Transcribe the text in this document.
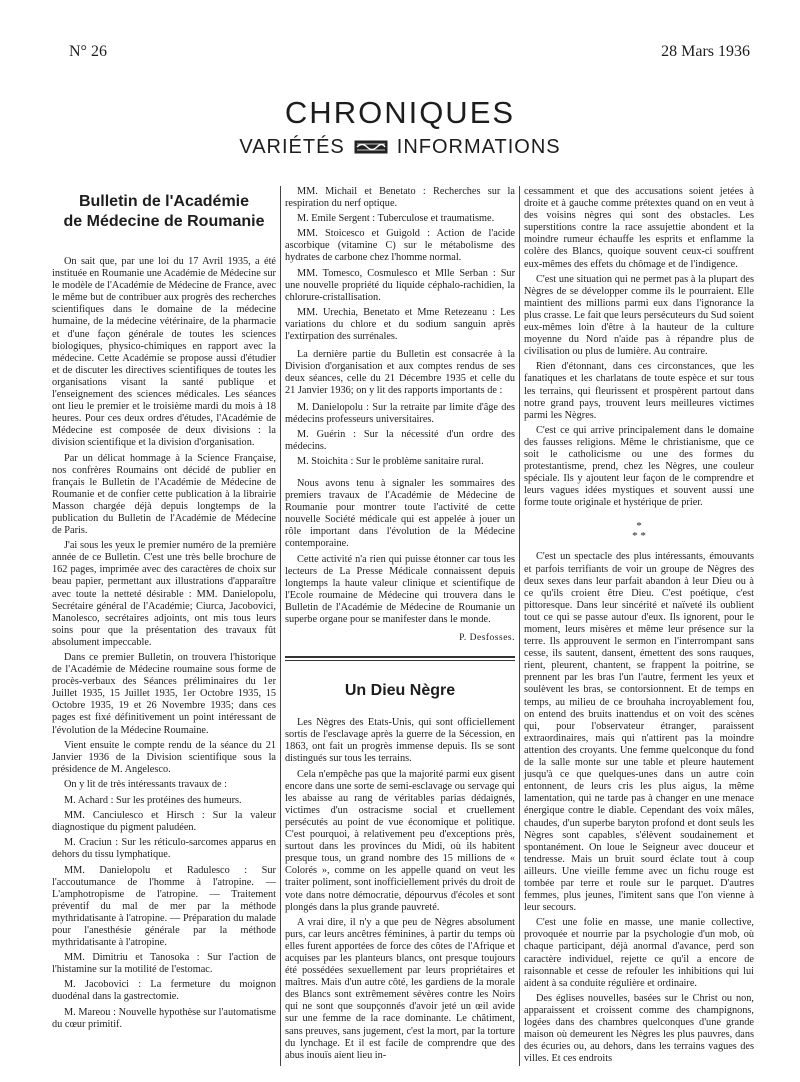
N° 26	28 Mars 1936
CHRONIQUES
VARIÉTÉS	INFORMATIONS
Bulletin de l'Académie
de Médecine de Roumanie

On sait que, par une loi du 17 Avril 1935, a été instituée en Roumanie une Académie de Médecine sur le modèle de l'Académie de Médecine de France, avec le même but de contribuer aux progrès des recherches scientifiques dans le domaine de la médecine humaine, de la médecine vétérinaire, de la pharmacie et d'une façon générale de toutes les sciences biologiques, physico-chimiques en rapport avec la médecine. Cette Académie se propose aussi d'étudier et de discuter les directives scientifiques de toutes les organisations visant la santé publique et l'enseignement des sciences médicales. Les séances ont lieu le premier et le troisième mardi du mois à 18 heures. Pour ces deux ordres d'études, l'Académie de Médecine est composée de deux divisions : la division scientifique et la division d'organisation.

Par un délicat hommage à la Science Française, nos confrères Roumains ont décidé de publier en français le Bulletin de l'Académie de Médecine de Roumanie et de confier cette publication à la librairie Masson chargée déjà depuis longtemps de la publication du Bulletin de l'Académie de Médecine de Paris.

J'ai sous les yeux le premier numéro de la première année de ce Bulletin. C'est une très belle brochure de 162 pages, imprimée avec des caractères de choix sur beau papier, permettant aux illustrations d'apparaître avec toute la netteté désirable : MM. Danielopolu, Secrétaire général de l'Académie; Ciurca, Jacobovici, Manolesco, secrétaires adjoints, ont mis tous leurs soins pour que la présentation des travaux fût absolument impeccable.

Dans ce premier Bulletin, on trouvera l'historique de l'Académie de Médecine roumaine sous forme de procès-verbaux des Séances préliminaires du 1er Juillet 1935, 15 Juillet 1935, 1er Octobre 1935, 15 Octobre 1935, 19 et 26 Novembre 1935; dans ces pages est fixé définitivement un point intéressant de l'évolution de la Médecine Roumaine.

Vient ensuite le compte rendu de la séance du 21 Janvier 1936 de la Division scientifique sous la présidence de M. Angelesco.

On y lit de très intéressants travaux de :

M. Achard : Sur les protéines des humeurs.

MM. Canciulesco et Hirsch : Sur la valeur diagnostique du pigment paludéen.

M. Craciun : Sur les réticulo-sarcomes apparus en dehors du tissu lymphatique.

MM. Danielopolu et Radulesco : Sur l'accoutumance de l'homme à l'atropine. — L'amphotropisme de l'atropine. — Traitement préventif du mal de mer par la méthode mythridatisante à l'atropine. — Préparation du malade pour l'anesthésie générale par la méthode mythridatisante à l'atropine.

MM. Dimitriu et Tanosoka : Sur l'action de l'histamine sur la motilité de l'estomac.

M. Jacobovici : La fermeture du moignon duodénal dans la gastrectomie.

M. Mareou : Nouvelle hypothèse sur l'automatisme du cœur primitif.

MM. Michail et Benetato : Recherches sur la respiration du nerf optique.

M. Emile Sergent : Tuberculose et traumatisme.

MM. Stoicesco et Guigold : Action de l'acide ascorbique (vitamine C) sur le métabolisme des hydrates de carbone chez l'homme normal.

MM. Tomesco, Cosmulesco et Mlle Serban : Sur une nouvelle propriété du liquide céphalo-rachidien, la chlorure-cristallisation.

MM. Urechia, Benetato et Mme Retezeanu : Les variations du chlore et du sodium sanguin après l'extirpation des surrénales.

La dernière partie du Bulletin est consacrée à la Division d'organisation et aux comptes rendus de ses deux séances, celle du 21 Décembre 1935 et celle du 21 Janvier 1936; on y lit des rapports importants de :

M. Danielopolu : Sur la retraite par limite d'âge des médecins professeurs universitaires.

M. Guérin : Sur la nécessité d'un ordre des médecins.

M. Stoichita : Sur le problème sanitaire rural.

Nous avons tenu à signaler les sommaires des premiers travaux de l'Académie de Médecine de Roumanie pour montrer toute l'activité de cette nouvelle Société médicale qui est appelée à jouer un rôle important dans l'évolution de la Médecine contemporaine.

Cette activité n'a rien qui puisse étonner car tous les lecteurs de La Presse Médicale connaissent depuis longtemps la haute valeur clinique et scientifique de l'Ecole roumaine de Médecine qui trouvera dans le Bulletin de l'Académie de Médecine de Roumanie un superbe organe pour se manifester dans le monde.

P. Desfosses.
Un Dieu Nègre

Les Nègres des Etats-Unis, qui sont officiellement sortis de l'esclavage après la guerre de la Sécession, en 1863, ont fait un progrès immense depuis. Ils se sont distingués sur tous les terrains.

Cela n'empêche pas que la majorité parmi eux gisent encore dans une sorte de semi-esclavage ou servage qui les abaisse au rang de véritables parias dédaignés, victimes d'un ostracisme social et cruellement persécutés au point de vue économique et politique. C'est pourquoi, à relativement peu d'exceptions près, surtout dans les provinces du Midi, où ils habitent presque tous, un grand nombre des 15 millions de « Colorés », comme on les appelle quand on veut les traiter poliment, sont inofficiellement privés du droit de vote dans notre démocratie, dépourvus d'écoles et sont plongés dans la plus grande pauvreté.

A vrai dire, il n'y a que peu de Nègres absolument purs, car leurs ancêtres féminines, à partir du temps où elles furent apportées de force des côtes de l'Afrique et acquises par les planteurs blancs, ont presque toujours été possédées sexuellement par leurs propriétaires et maîtres. Mais d'un autre côté, les gardiens de la morale des Blancs sont extrêmement sévères contre les Noirs qui ne sont que soupçonnés d'avoir jeté un œil avide sur une femme de la race dominante. Le châtiment, sans preuves, sans jugement, c'est la mort, par la torture du lynchage. Et il est facile de comprendre que des abus inouïs aient lieu in-

cessamment et que des accusations soient jetées à droite et à gauche comme prétextes quand on en veut à des voisins nègres qui sont des obstacles. Les superstitions contre la race assujettie abondent et la moindre rumeur échauffe les esprits et enflamme la colère des Blancs, quoique souvent ceux-ci souffrent eux-mêmes des effets du chômage et de l'indigence.

C'est une situation qui ne permet pas à la plupart des Nègres de se développer comme ils le pourraient. Elle maintient des millions parmi eux dans l'ignorance la plus crasse. Le fait que leurs persécuteurs du Sud soient eux-mêmes loin d'être à la hauteur de la culture moyenne du Nord n'aide pas à répandre plus de civilisation ou plus de lumière. Au contraire.

Rien d'étonnant, dans ces circonstances, que les fanatiques et les charlatans de toute espèce et sur tous les terrains, qui fleurissent et prospèrent partout dans notre grand pays, trouvent leurs meilleures victimes parmi les Nègres.

C'est ce qui arrive principalement dans le domaine des fausses religions. Même le christianisme, que ce soit le catholicisme ou une des formes du protestantisme, prend, chez les Nègres, une couleur spéciale. Ils y ajoutent leur façon de le comprendre et leurs vagues idées mystiques et souvent aussi une forme toute originale et hystérique de prier.

*
* *

C'est un spectacle des plus intéressants, émouvants et parfois terrifiants de voir un groupe de Nègres des deux sexes dans leur parfait abandon à leur Dieu ou à ce qu'ils croient être Dieu. C'est poétique, c'est pittoresque. Dans leur sincérité et naïveté ils oublient tout ce qui se passe autour d'eux. Ils ignorent, pour le moment, leurs misères et même leur présence sur la terre. Ils approuvent le sermon en l'interrompant sans cesse, ils sautent, dansent, émettent des sons rauques, rient, pleurent, chantent, se frappent la poitrine, se prennent par les bras l'un l'autre, ferment les yeux et soulèvent les bras, se contorsionnent. Et de temps en temps, au milieu de ce brouhaha incroyablement fou, on entend des bruits inattendus et on voit des scènes qui, pour l'observateur étranger, paraissent extraordinaires, mais qui n'attirent pas la moindre attention des croyants. Une femme quelconque du fond de la salle monte sur une table et pleure hautement jusqu'à ce que quelques-unes dans un autre coin entonnent, de leurs cris les plus aigus, la même lamentation, qui ne tarde pas à changer en une menace énergique contre le diable. Cependant des voix mâles, chaudes, d'un superbe baryton profond et dont seuls les Nègres sont capables, s'élèvent soudainement et spontanément. On loue le Seigneur avec douceur et tendresse. Mais un bruit sourd éclate tout à coup ailleurs. Une vieille femme avec un fichu rouge est tombée par terre et roule sur le parquet. D'autres femmes, plus jeunes, l'imitent sans que l'on vienne à leur secours.

C'est une folie en masse, une manie collective, provoquée et nourrie par la psychologie d'un mob, où chaque participant, déjà anormal d'avance, perd son caractère individuel, rejette ce qu'il a encore de raisonnable et cesse de refouler les inhibitions qui lui aident à sa conduite régulière et ordinaire.

Des églises nouvelles, basées sur le Christ ou non, apparaissent et croissent comme des champignons, logées dans des chambres quelconques d'une grande maison où demeurent les Nègres les plus pauvres, dans des écuries ou, au dehors, dans les terrains vagues des villes. Et ces endroits
